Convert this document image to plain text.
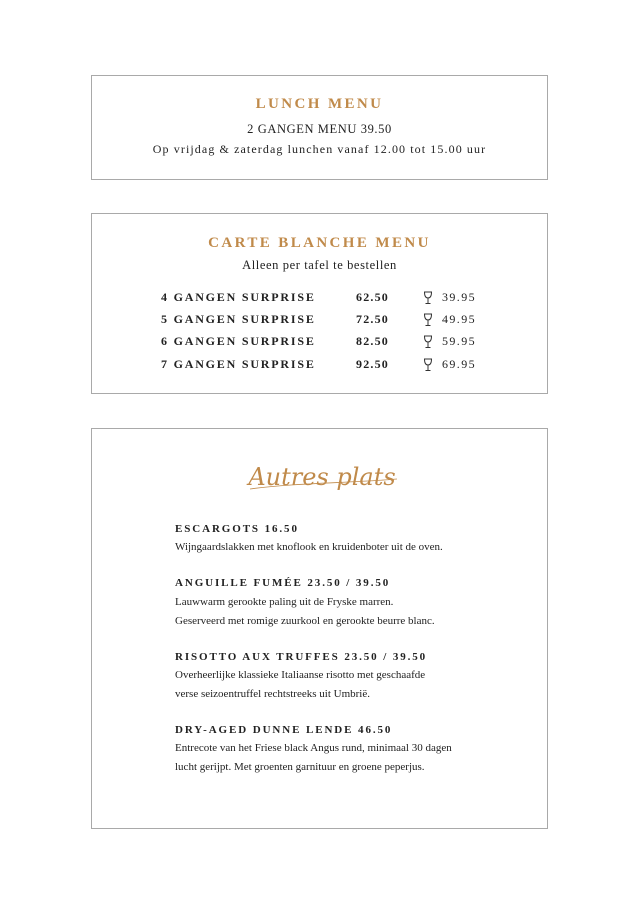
LUNCH MENU
2 GANGEN MENU 39.50
Op vrijdag & zaterdag lunchen vanaf 12.00 tot 15.00 uur
CARTE BLANCHE MENU
Alleen per tafel te bestellen
4 GANGEN SURPRISE	62.50	39.95
5 GANGEN SURPRISE	72.50	49.95
6 GANGEN SURPRISE	82.50	59.95
7 GANGEN SURPRISE	92.50	69.95
Autres plats
ESCARGOTS 16.50
Wijngaardslakken met knoflook en kruidenboter uit de oven.
ANGUILLE FUMÉE 23.50 / 39.50
Lauwwarm gerookte paling uit de Fryske marren.
Geserveerd met romige zuurkool en gerookte beurre blanc.
RISOTTO AUX TRUFFES 23.50 / 39.50
Overheerlijke klassieke Italiaanse risotto met geschaafde
verse seizoentruffel rechtstreeks uit Umbrië.
DRY-AGED DUNNE LENDE 46.50
Entrecote van het Friese black Angus rund, minimaal 30 dagen
lucht gerijpt. Met groenten garnituur en groene peperjus.
